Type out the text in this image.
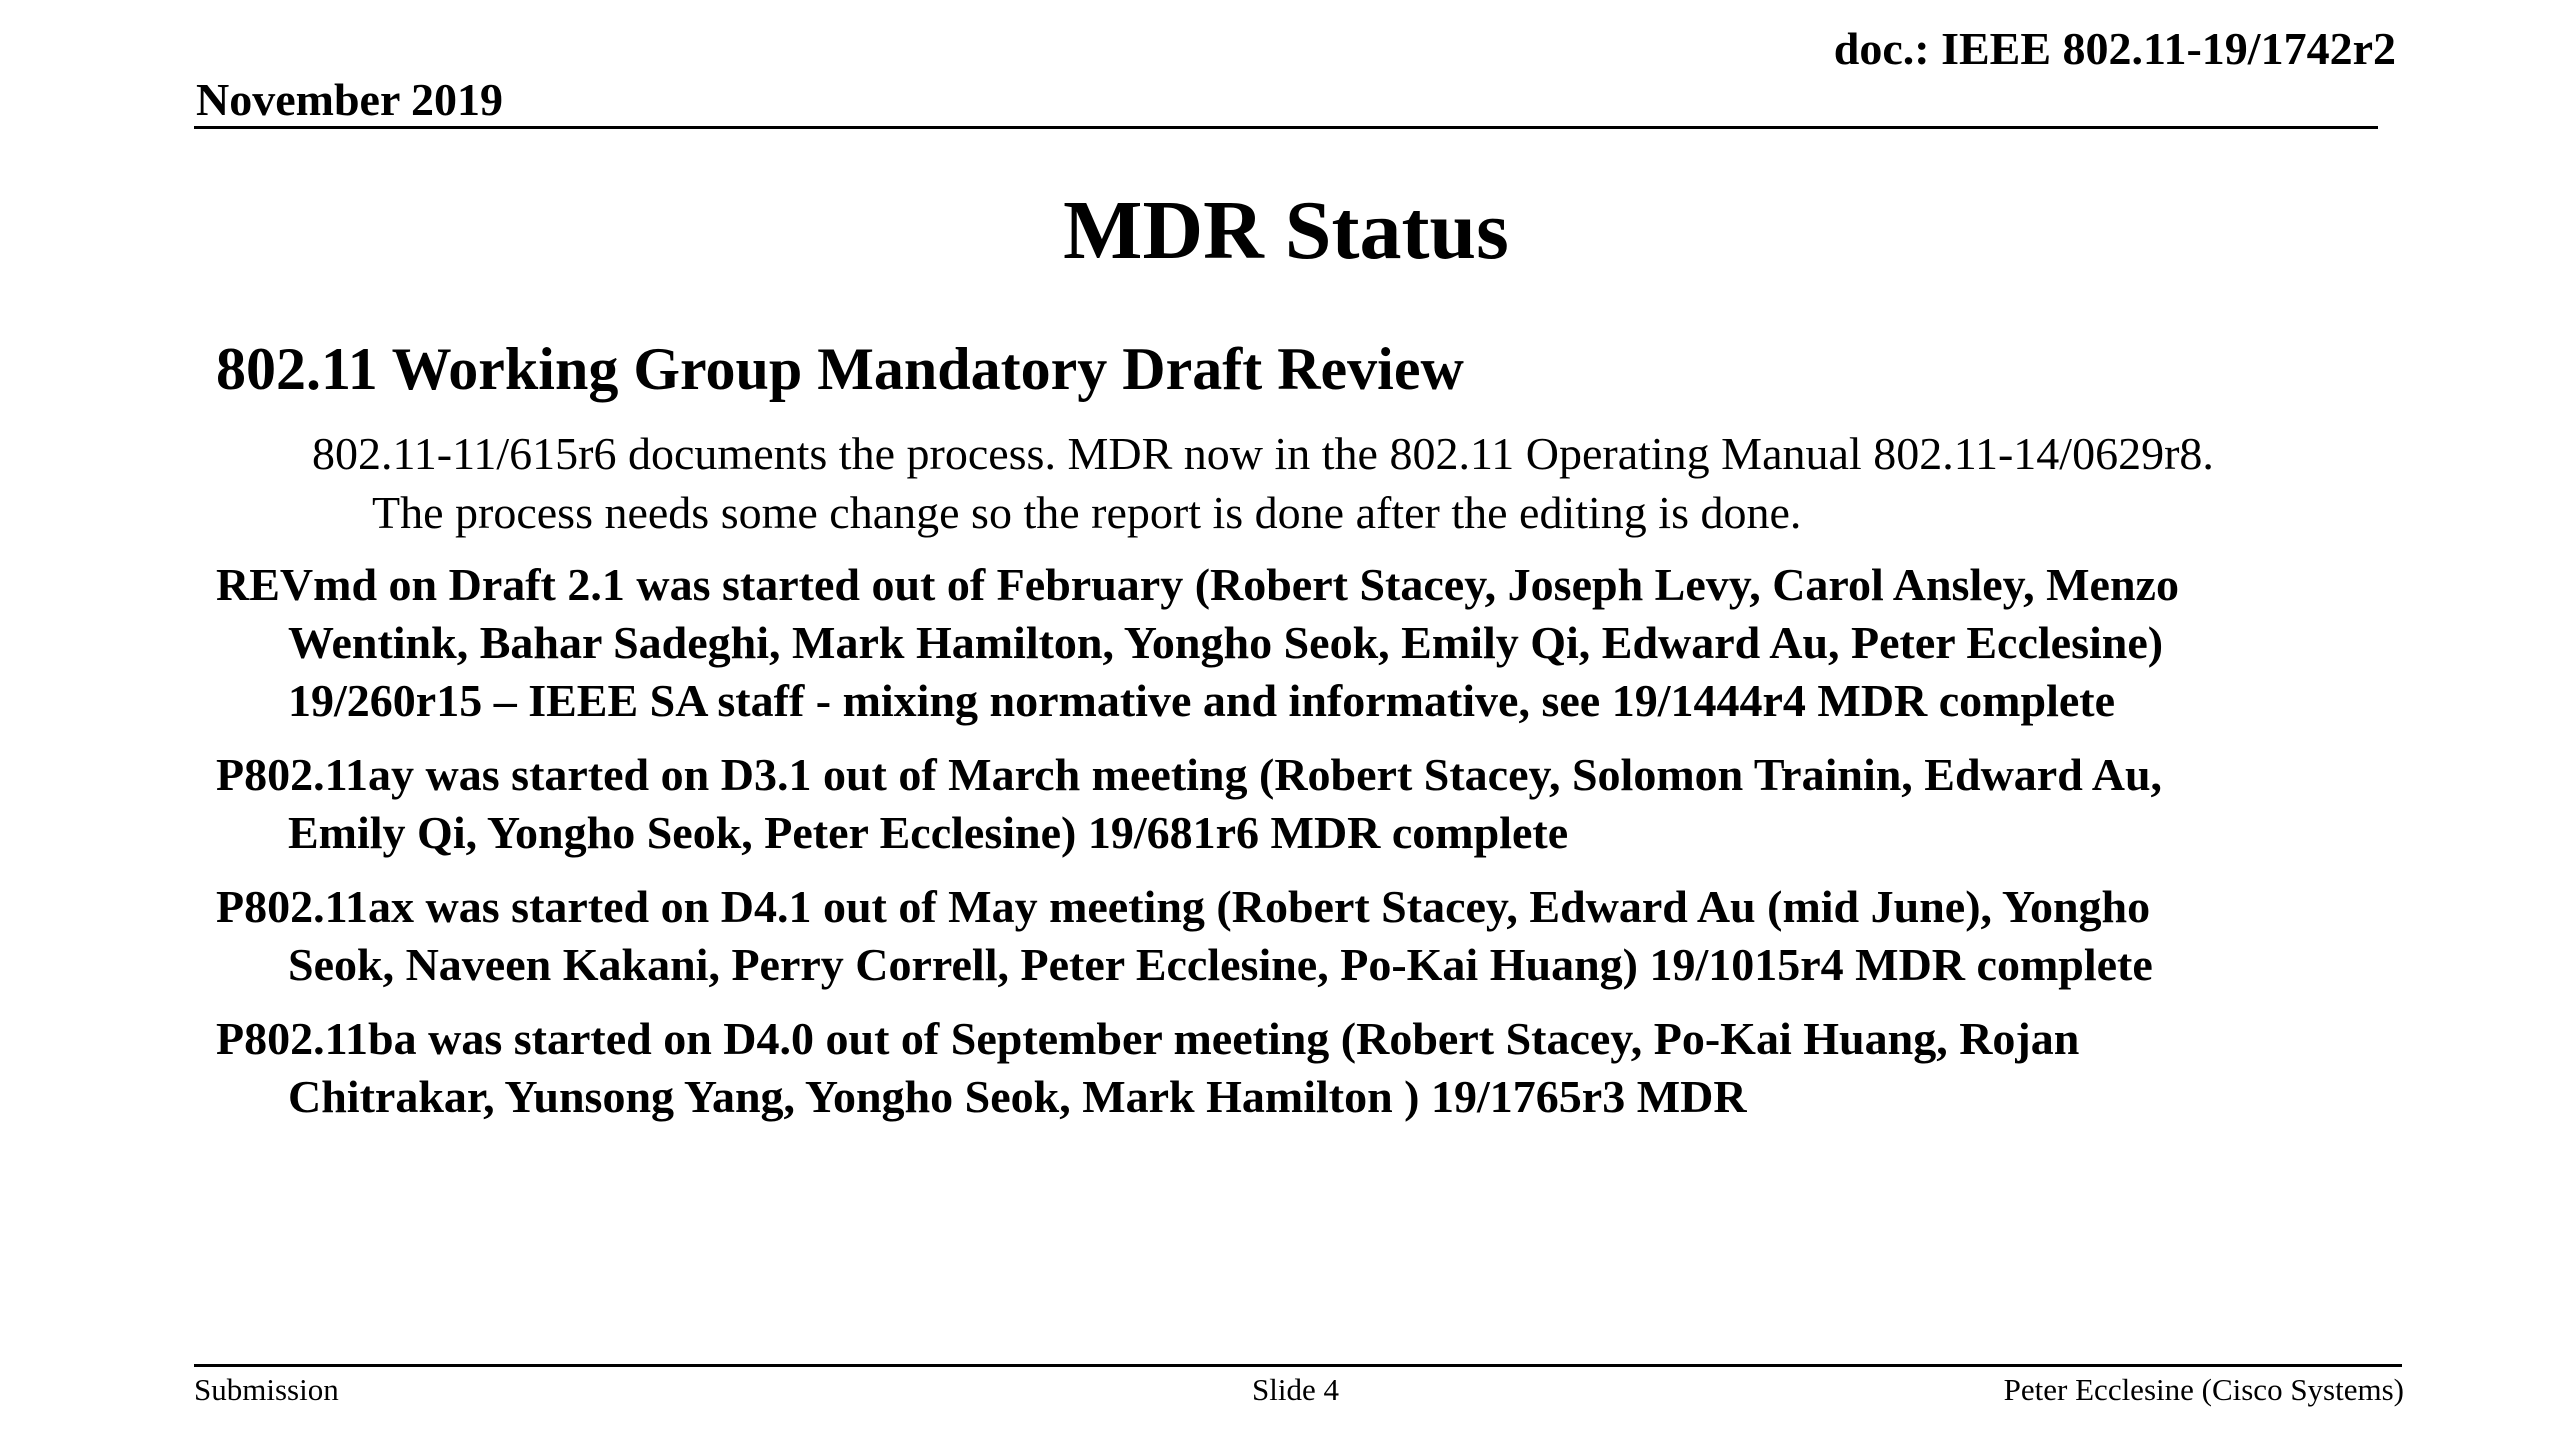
doc.: IEEE 802.11-19/1742r2
November 2019
MDR Status
802.11 Working Group Mandatory Draft Review
802.11-11/615r6 documents the process. MDR now in the 802.11 Operating Manual 802.11-14/0629r8.
The process needs some change so the report is done after the editing is done.
REVmd on Draft 2.1 was started out of February (Robert Stacey, Joseph Levy, Carol Ansley, Menzo
Wentink, Bahar Sadeghi, Mark Hamilton, Yongho Seok, Emily Qi, Edward Au, Peter Ecclesine)
19/260r15 – IEEE SA staff - mixing normative and informative, see 19/1444r4 MDR complete
P802.11ay was started on D3.1 out of March meeting (Robert Stacey, Solomon Trainin, Edward Au,
Emily Qi, Yongho Seok, Peter Ecclesine) 19/681r6 MDR complete
P802.11ax was started on D4.1 out of May meeting (Robert Stacey, Edward Au (mid June), Yongho
Seok, Naveen Kakani, Perry Correll, Peter Ecclesine, Po-Kai Huang) 19/1015r4 MDR complete
P802.11ba was started on D4.0 out of September meeting (Robert Stacey, Po-Kai Huang, Rojan
Chitrakar, Yunsong Yang, Yongho Seok, Mark Hamilton ) 19/1765r3 MDR
Submission	Slide 4	Peter Ecclesine (Cisco Systems)
